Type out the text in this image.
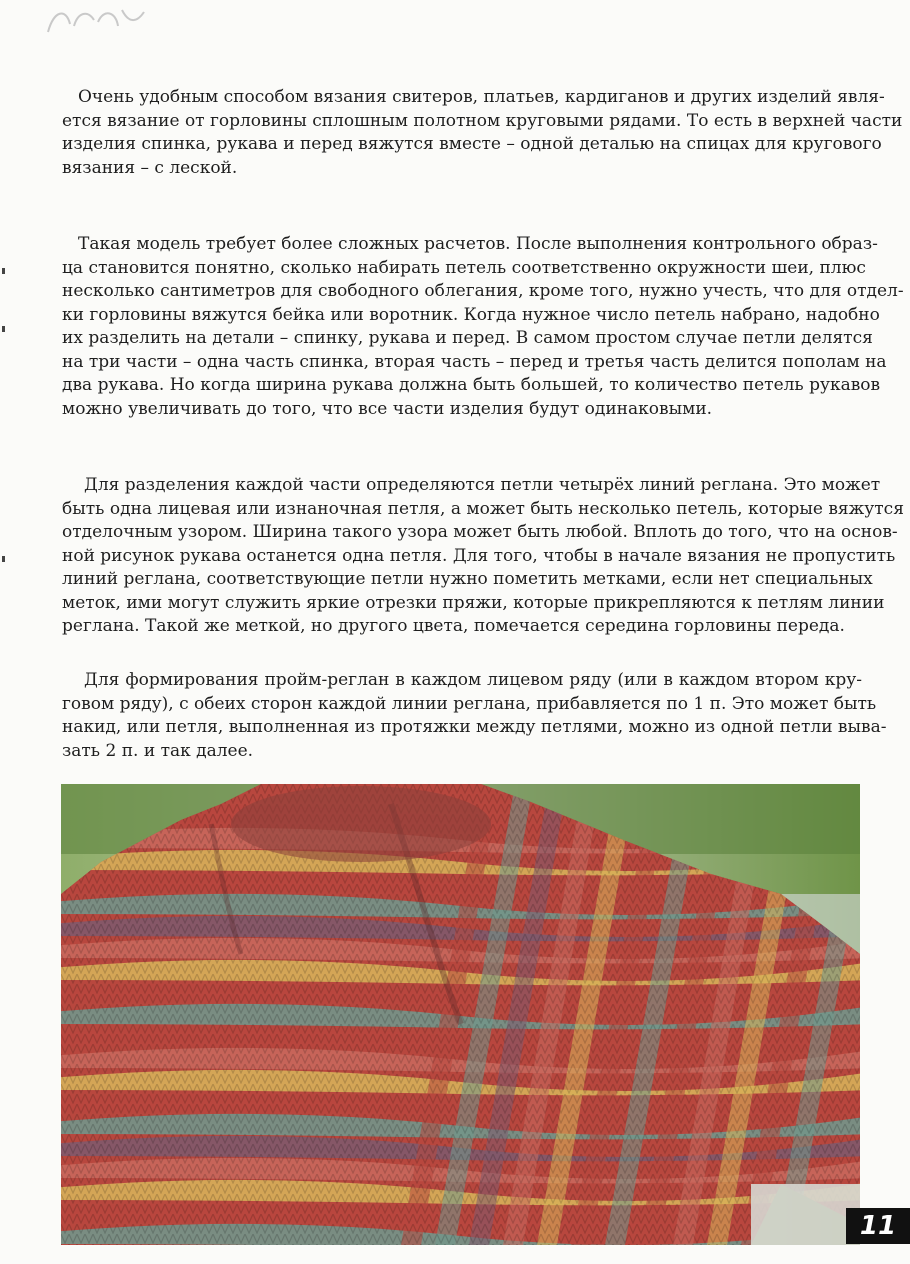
Очень удобным способом вязания свитеров, платьев, кардиганов и других изделий явля-
ется вязание от горловины сплошным полотном круговыми рядами. То есть в верхней части
изделия спинка, рукава и перед вяжутся вместе – одной деталью на спицах для кругового
вязания – с леской.
Такая модель требует более сложных расчетов. После выполнения контрольного образ-
ца становится понятно, сколько набирать петель соответственно окружности шеи, плюс
несколько сантиметров для свободного облегания, кроме того, нужно учесть, что для отдел-
ки горловины вяжутся бейка или воротник. Когда нужное число петель набрано, надобно
их разделить на детали – спинку, рукава и перед. В самом простом случае петли делятся
на три части – одна часть спинка, вторая часть – перед и третья часть делится пополам на
два рукава. Но когда ширина рукава должна быть большей, то количество петель рукавов
можно увеличивать до того, что все части изделия будут одинаковыми.
Для разделения каждой части определяются петли четырёх линий реглана. Это может
быть одна лицевая или изнаночная петля, а может быть несколько петель, которые вяжутся
отделочным узором. Ширина такого узора может быть любой. Вплоть до того, что на основ-
ной рисунок рукава останется одна петля. Для того, чтобы в начале вязания не пропустить
линий реглана, соответствующие петли нужно пометить метками, если нет специальных
меток, ими могут служить яркие отрезки пряжи, которые прикрепляются к петлям линии
реглана. Такой же меткой, но другого цвета, помечается середина горловины переда.
Для формирования пройм-реглан в каждом лицевом ряду (или в каждом втором кру-
говом ряду), с обеих сторон каждой линии реглана, прибавляется по 1 п. Это может быть
накид, или петля, выполненная из протяжки между петлями, можно из одной петли выва-
зать 2 п. и так далее.
11
